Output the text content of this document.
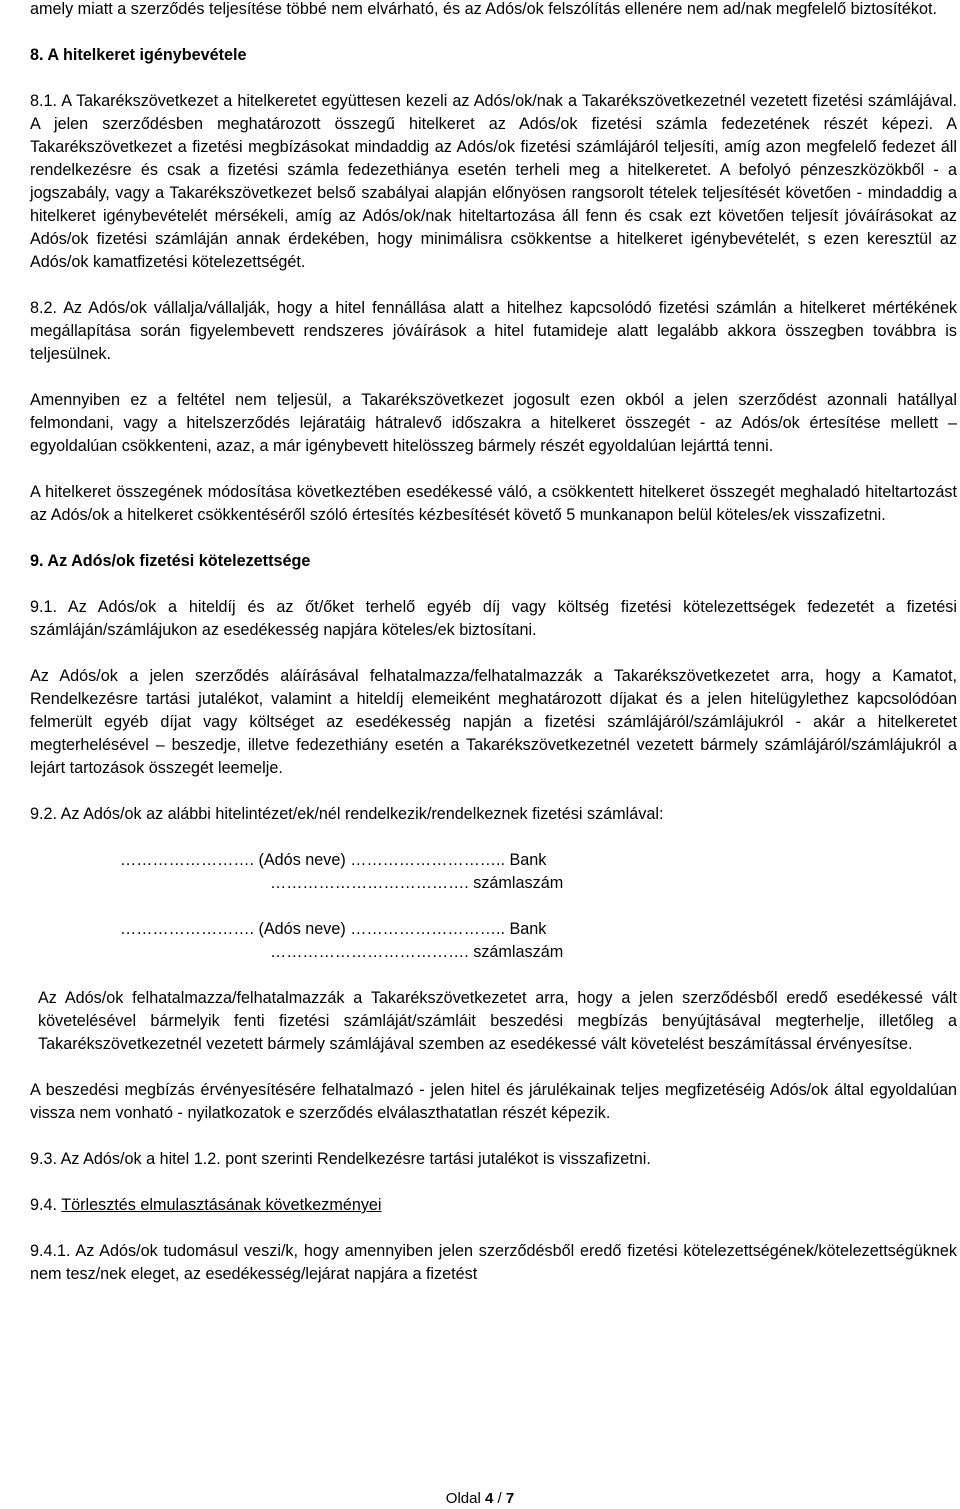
amely miatt a szerződés teljesítése többé nem elvárható, és az Adós/ok felszólítás ellenére nem ad/nak megfelelő biztosítékot.

8. A hitelkeret igénybevétele

8.1. A Takarékszövetkezet a hitelkeretet együttesen kezeli az Adós/ok/nak a Takarékszövetkezetnél vezetett fizetési számlájával. A jelen szerződésben meghatározott összegű hitelkeret az Adós/ok fizetési számla fedezetének részét képezi. A Takarékszövetkezet a fizetési megbízásokat mindaddig az Adós/ok fizetési számlájáról teljesíti, amíg azon megfelelő fedezet áll rendelkezésre és csak a fizetési számla fedezethiánya esetén terheli meg a hitelkeretet. A befolyó pénzeszközökből - a jogszabály, vagy a Takarékszövetkezet belső szabályai alapján előnyösen rangsorolt tételek teljesítését követően - mindaddig a hitelkeret igénybevételét mérsékeli, amíg az Adós/ok/nak hiteltartozása áll fenn és csak ezt követően teljesít jóváírásokat az Adós/ok fizetési számláján annak érdekében, hogy minimálisra csökkentse a hitelkeret igénybevételét, s ezen keresztül az Adós/ok kamatfizetési kötelezettségét.

8.2. Az Adós/ok vállalja/vállalják, hogy a hitel fennállása alatt a hitelhez kapcsolódó fizetési számlán a hitelkeret mértékének megállapítása során figyelembevett rendszeres jóváírások a hitel futamideje alatt legalább akkora összegben továbbra is teljesülnek.

Amennyiben ez a feltétel nem teljesül, a Takarékszövetkezet jogosult ezen okból a jelen szerződést azonnali hatállyal felmondani, vagy a hitelszerződés lejáratáig hátralevő időszakra a hitelkeret összegét - az Adós/ok értesítése mellett – egyoldalúan csökkenteni, azaz, a már igénybevett hitelösszeg bármely részét egyoldalúan lejárttá tenni.

A hitelkeret összegének módosítása következtében esedékessé váló, a csökkentett hitelkeret összegét meghaladó hiteltartozást az Adós/ok a hitelkeret csökkentéséről szóló értesítés kézbesítését követő 5 munkanapon belül köteles/ek visszafizetni.

9. Az Adós/ok fizetési kötelezettsége

9.1. Az Adós/ok a hiteldíj és az őt/őket terhelő egyéb díj vagy költség fizetési kötelezettségek fedezetét a fizetési számláján/számlájukon az esedékesség napjára köteles/ek biztosítani.

Az Adós/ok a jelen szerződés aláírásával felhatalmazza/felhatalmazzák a Takarékszövetkezetet arra, hogy a Kamatot, Rendelkezésre tartási jutalékot, valamint a hiteldíj elemeiként meghatározott díjakat és a jelen hitelügylethez kapcsolódóan felmerült egyéb díjat vagy költséget az esedékesség napján a fizetési számlájáról/számlájukról - akár a hitelkeretet megterhelésével – beszedje, illetve fedezethiány esetén a Takarékszövetkezetnél vezetett bármely számlájáról/számlájukról a lejárt tartozások összegét leemelje.

9.2. Az Adós/ok az alábbi hitelintézet/ek/nél rendelkezik/rendelkeznek fizetési számlával:

……………………. (Adós neve) ……………………….. Bank

………………………………. számlaszám

……………………. (Adós neve) ……………………….. Bank

………………………………. számlaszám

Az Adós/ok felhatalmazza/felhatalmazzák a Takarékszövetkezetet arra, hogy a jelen szerződésből eredő esedékessé vált követelésével bármelyik fenti fizetési számláját/számláit beszedési megbízás benyújtásával megterhelje, illetőleg a Takarékszövetkezetnél vezetett bármely számlájával szemben az esedékessé vált követelést beszámítással érvényesítse.

A beszedési megbízás érvényesítésére felhatalmazó - jelen hitel és járulékainak teljes megfizetéséig Adós/ok által egyoldalúan vissza nem vonható - nyilatkozatok e szerződés elválaszthatatlan részét képezik.

9.3. Az Adós/ok a hitel 1.2. pont szerinti Rendelkezésre tartási jutalékot is visszafizetni.

9.4. Törlesztés elmulasztásának következményei

9.4.1. Az Adós/ok tudomásul veszi/k, hogy amennyiben jelen szerződésből eredő fizetési kötelezettségének/kötelezettségüknek nem tesz/nek eleget, az esedékesség/lejárat napjára a fizetést

Oldal 4 / 7
